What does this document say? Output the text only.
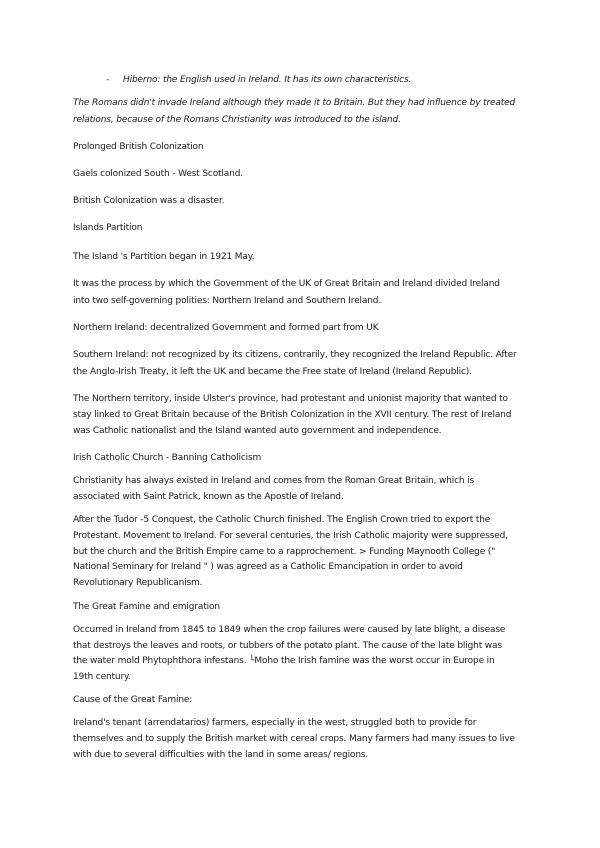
- Hiberno: the English used in Ireland. It has its own characteristics.
The Romans didn't invade Ireland although they made it to Britain. But they had influence by treated
relations, because of the Romans Christianity was introduced to the island.
Prolonged British Colonization
Gaels colonized South - West Scotland.
British Colonization was a disaster.
Islands Partition
The Island 's Partition began in 1921 May.
It was the process by which the Government of the UK of Great Britain and Ireland divided Ireland
into two self-governing polities: Northern Ireland and Southern Ireland.
Northern Ireland: decentralized Government and formed part from UK
Southern Ireland: not recognized by its citizens, contrarily, they recognized the Ireland Republic. After
the Anglo-Irish Treaty, it left the UK and became the Free state of Ireland (Ireland Republic).
The Northern territory, inside Ulster's province, had protestant and unionist majority that wanted to
stay linked to Great Britain because of the British Colonization in the XVII century. The rest of Ireland
was Catholic nationalist and the Island wanted auto government and independence.
Irish Catholic Church - Banning Catholicism
Christianity has always existed in Ireland and comes from the Roman Great Britain, which is
associated with Saint Patrick, known as the Apostle of Ireland.
After the Tudor -5 Conquest, the Catholic Church finished. The English Crown tried to export the
Protestant. Movement to Ireland. For several centuries, the Irish Catholic majority were suppressed,
but the church and the British Empire came to a rapprochement. > Funding Maynooth College ("
National Seminary for Ireland " ) was agreed as a Catholic Emancipation in order to avoid
Revolutionary Republicanism.
The Great Famine and emigration
Occurred in Ireland from 1845 to 1849 when the crop failures were caused by late blight, a disease
that destroys the leaves and roots, or tubbers of the potato plant. The cause of the late blight was
the water mold Phytophthora infestans. └Moho the Irish famine was the worst occur in Europe in
19th century.
Cause of the Great Famine:
Ireland's tenant (arrendatarios) farmers, especially in the west, struggled both to provide for
themselves and to supply the British market with cereal crops. Many farmers had many issues to live
with due to several difficulties with the land in some areas/ regions.
